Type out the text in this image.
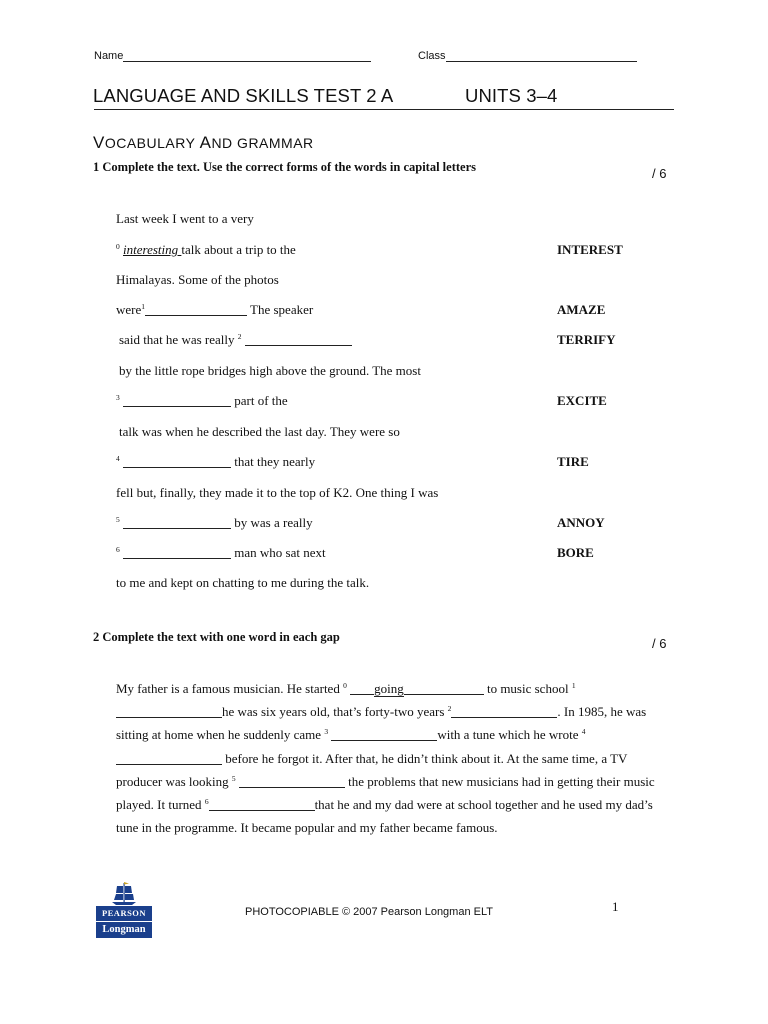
Name	Class
LANGUAGE AND SKILLS TEST 2 A	UNITS 3–4
VOCABULARY AND GRAMMAR
1 Complete the text. Use the correct forms of the words in capital letters	/ 6
Last week I went to a very
$^0$ interesting talk about a trip to the
Himalayas. Some of the photos
were$^1$	The speaker
said that he was really $^2$
by the little rope bridges high above the ground. The most
$^3$	part of the
talk was when he described the last day. They were so
$^4$	that they nearly
fell but, finally, they made it to the top of K2. One thing I was
$^5$	by was a really
$^6$	man who sat next
to me and kept on chatting to me during the talk.
INTEREST
AMAZE
TERRIFY
EXCITE
TIRE
ANNOY
BORE
2 Complete the text with one word in each gap	/ 6
My father is a famous musician. He started $^0$ going	to music school $^1$ he was six years old, that’s forty-two years $^2$	. In 1985, he was sitting at home when he suddenly came $^3$	with a tune which he wrote $^4$  before he forgot it. After that, he didn’t think about it. At the same time, a TV producer was looking $^5$	the problems that new musicians had in getting their music played. It turned $^6$	that he and my dad were at school together and he used my dad’s tune in the programme. It became popular and my father became famous.
PEARSON
Longman
PHOTOCOPIABLE © 2007 Pearson Longman ELT	1
